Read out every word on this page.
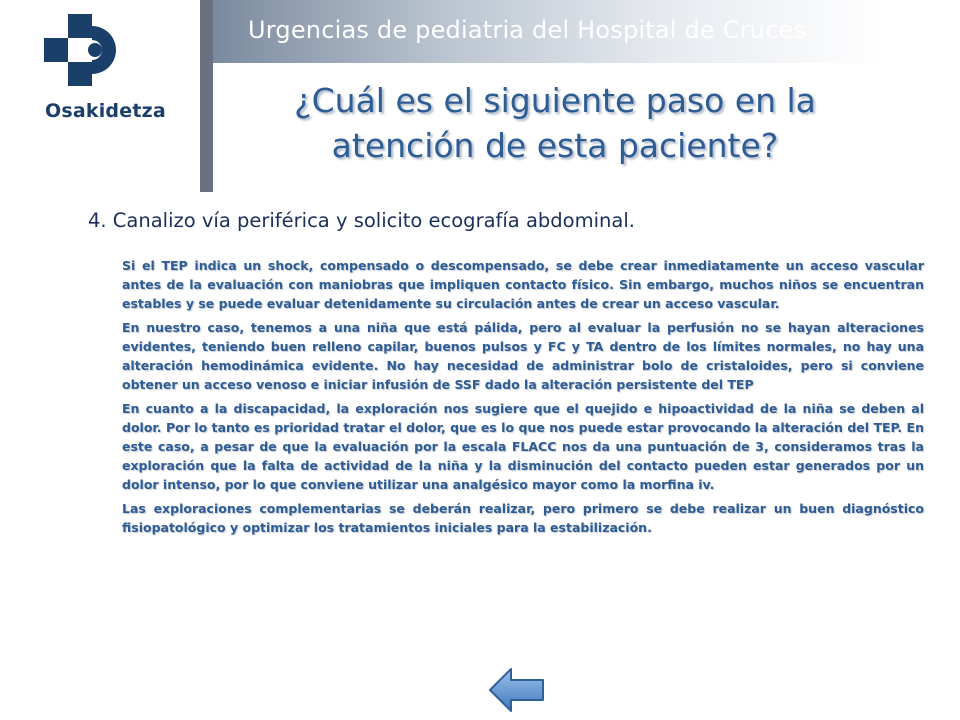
Osakidetza
Urgencias de pediatria del Hospital de Cruces
¿Cuál es el siguiente paso en la
atención de esta paciente?
4. Canalizo vía periférica y solicito ecografía abdominal.

Si el TEP indica un shock, compensado o descompensado, se debe crear inmediatamente un acceso vascular antes de la evaluación con maniobras que impliquen contacto físico. Sin embargo, muchos niños se encuentran estables y se puede evaluar detenidamente su circulación antes de crear un acceso vascular.

En nuestro caso, tenemos a una niña que está pálida, pero al evaluar la perfusión no se hayan alteraciones evidentes, teniendo buen relleno capilar, buenos pulsos y FC y TA dentro de los límites normales, no hay una alteración hemodinámica evidente. No hay necesidad de administrar bolo de cristaloides, pero si conviene obtener un acceso venoso e iniciar infusión de SSF dado la alteración persistente del TEP

En cuanto a la discapacidad, la exploración nos sugiere que el quejido e hipoactividad de la niña se deben al dolor. Por lo tanto es prioridad tratar el dolor, que es lo que nos puede estar provocando la alteración del TEP. En este caso, a pesar de que la evaluación por la escala FLACC nos da una puntuación de 3, consideramos tras la exploración que la falta de actividad de la niña y la disminución del contacto pueden estar generados por un dolor intenso, por lo que conviene utilizar una analgésico mayor como la morfina iv.

Las exploraciones complementarias se deberán realizar, pero primero se debe realizar un buen diagnóstico fisiopatológico y optimizar los tratamientos iniciales para la estabilización.
